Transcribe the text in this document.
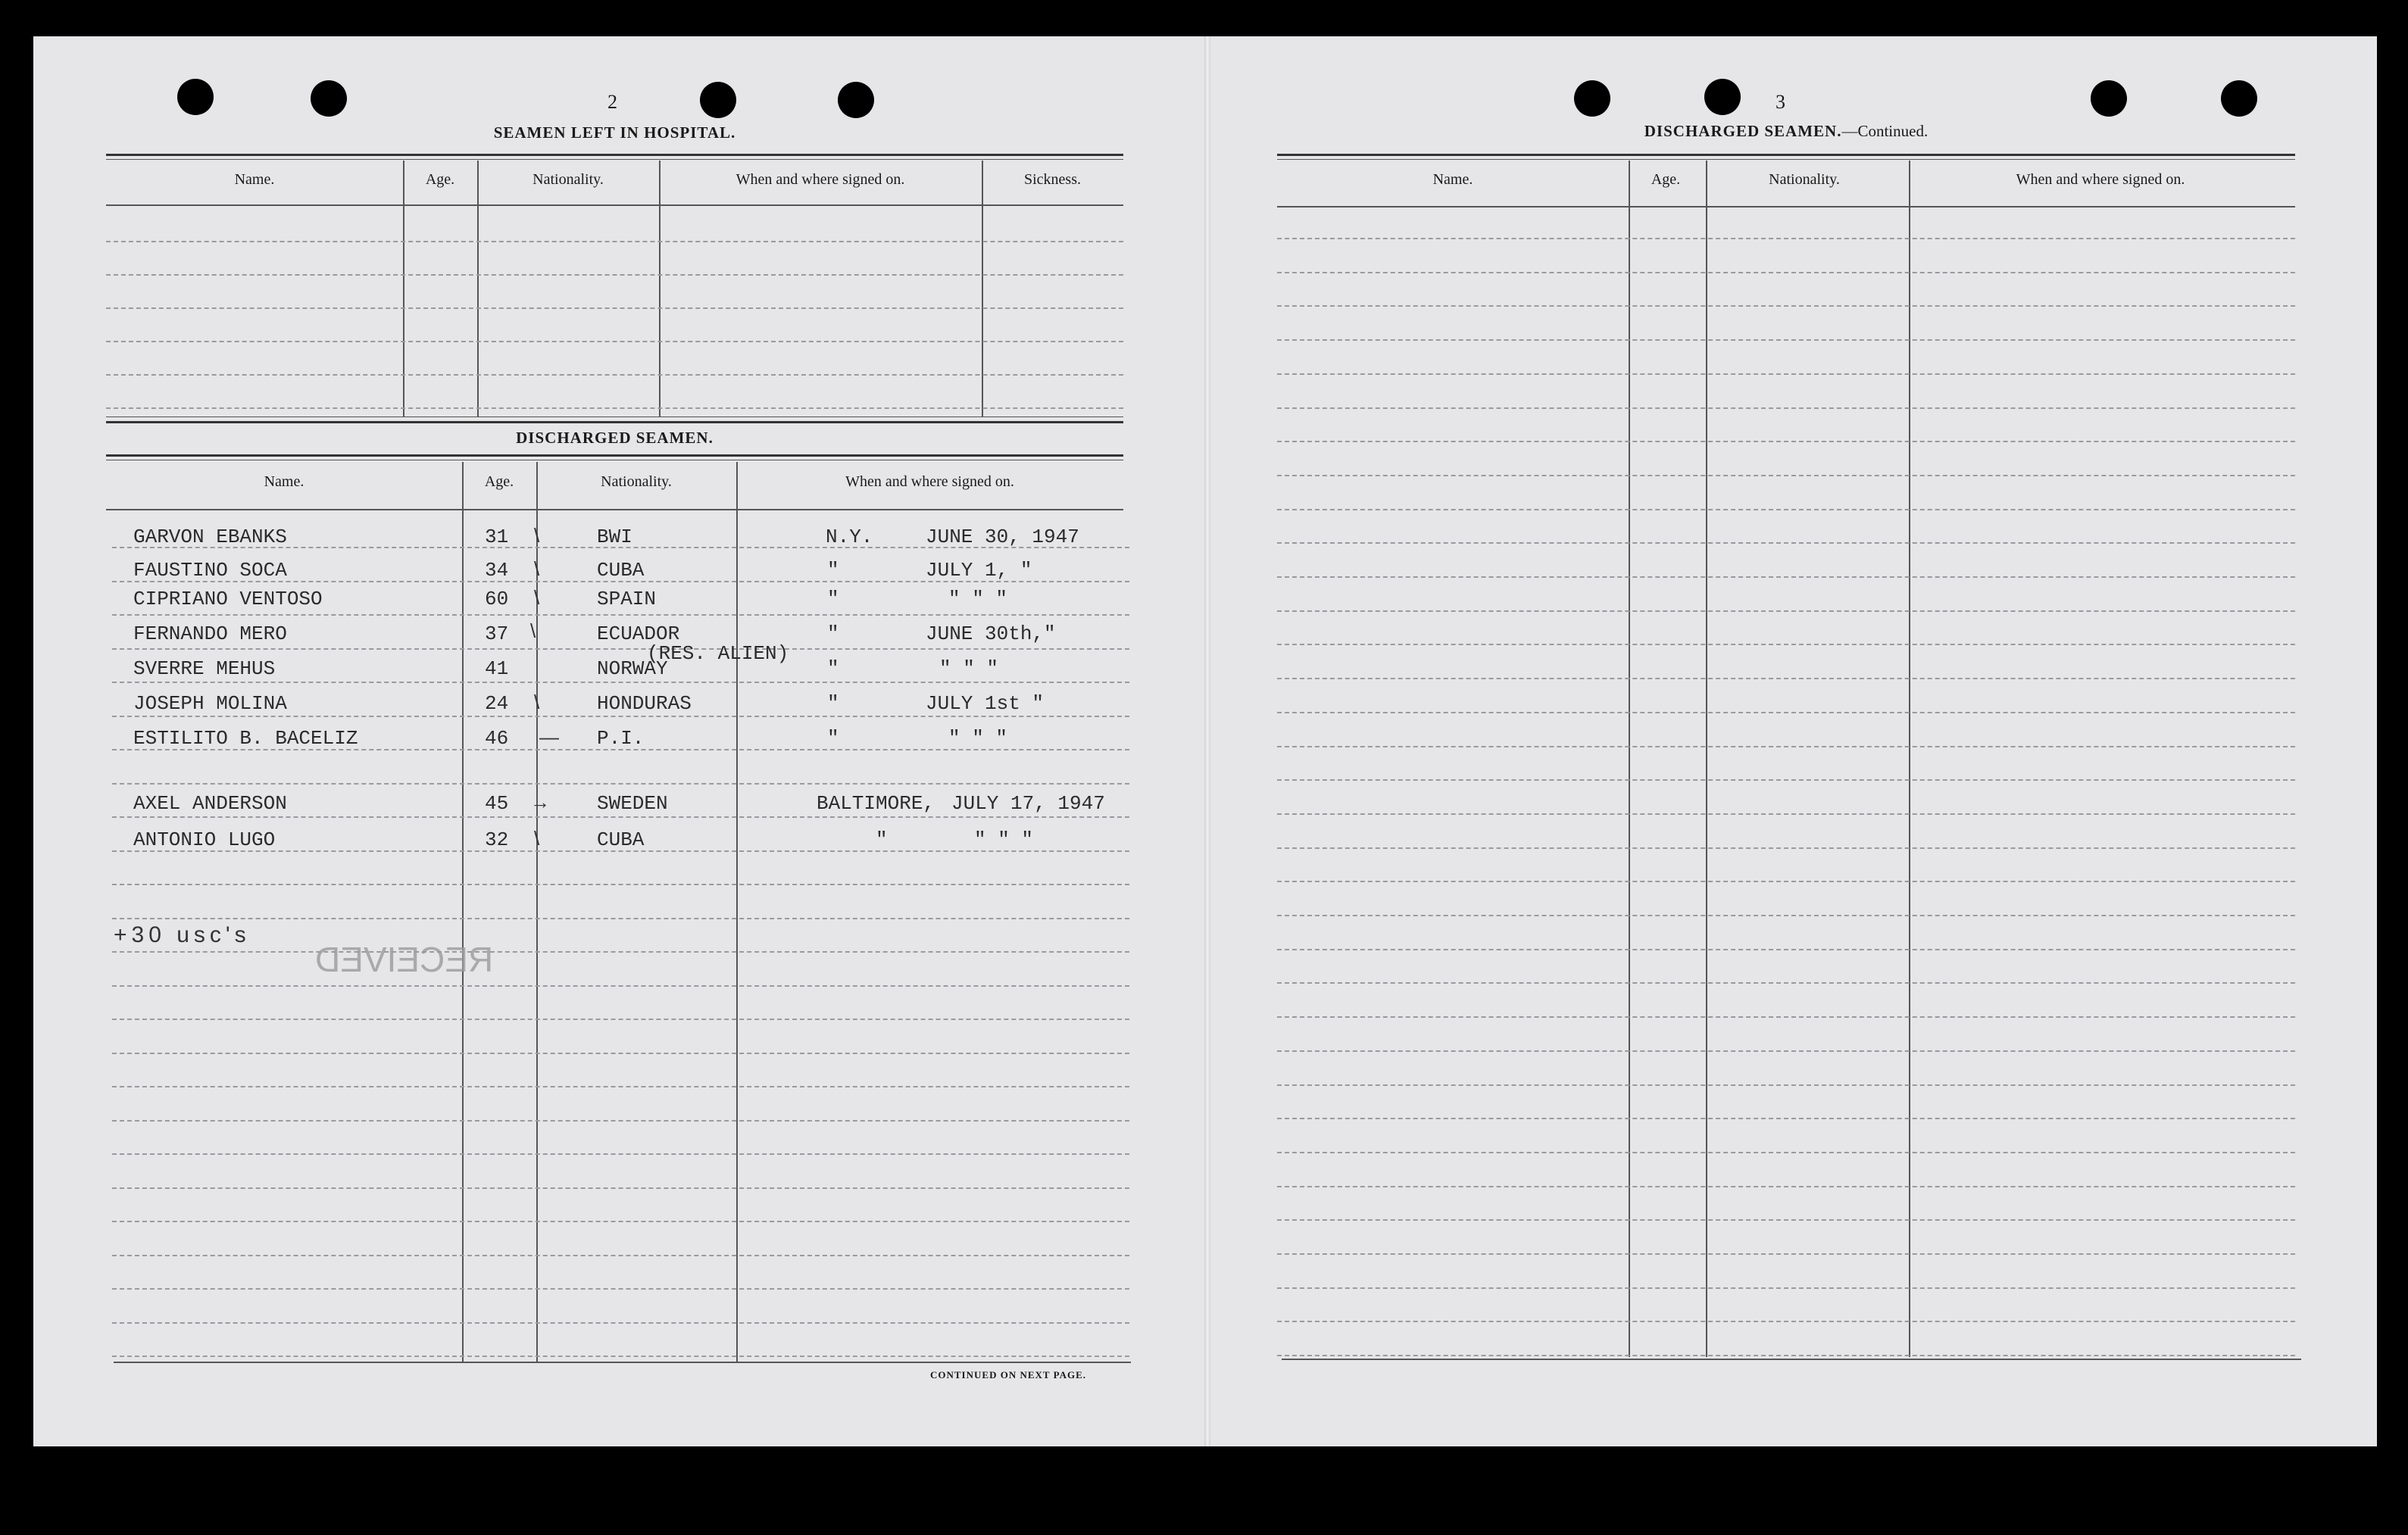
2
SEAMEN LEFT IN HOSPITAL.
Name.	Age.	Nationality.	When and where signed on.	Sickness.
DISCHARGED SEAMEN.
Name.	Age.	Nationality.	When and where signed on.
GARVON EBANKS	31 \	BWI	N.Y.	JUNE 30, 1947
FAUSTINO SOCA	34 \	CUBA	"	JULY 1, "
CIPRIANO VENTOSO	60 \	SPAIN	"	" " "
FERNANDO MERO	37 \	ECUADOR	"	JUNE 30th,"
SVERRE MEHUS	41	NORWAY	"	" " "
(RES. ALIEN)
JOSEPH MOLINA	24 \	HONDURAS	"	JULY 1st "
ESTILITO B. BACELIZ	46 — P.I.	"	" " "
AXEL ANDERSON	45 → SWEDEN	BALTIMORE, JULY 17, 1947
ANTONIO LUGO	32 \	CUBA	"	" " "
+30 usc's
RECEIVED
CONTINUED ON NEXT PAGE.
3
DISCHARGED SEAMEN.—Continued.
Name.	Age.	Nationality.	When and where signed on.
